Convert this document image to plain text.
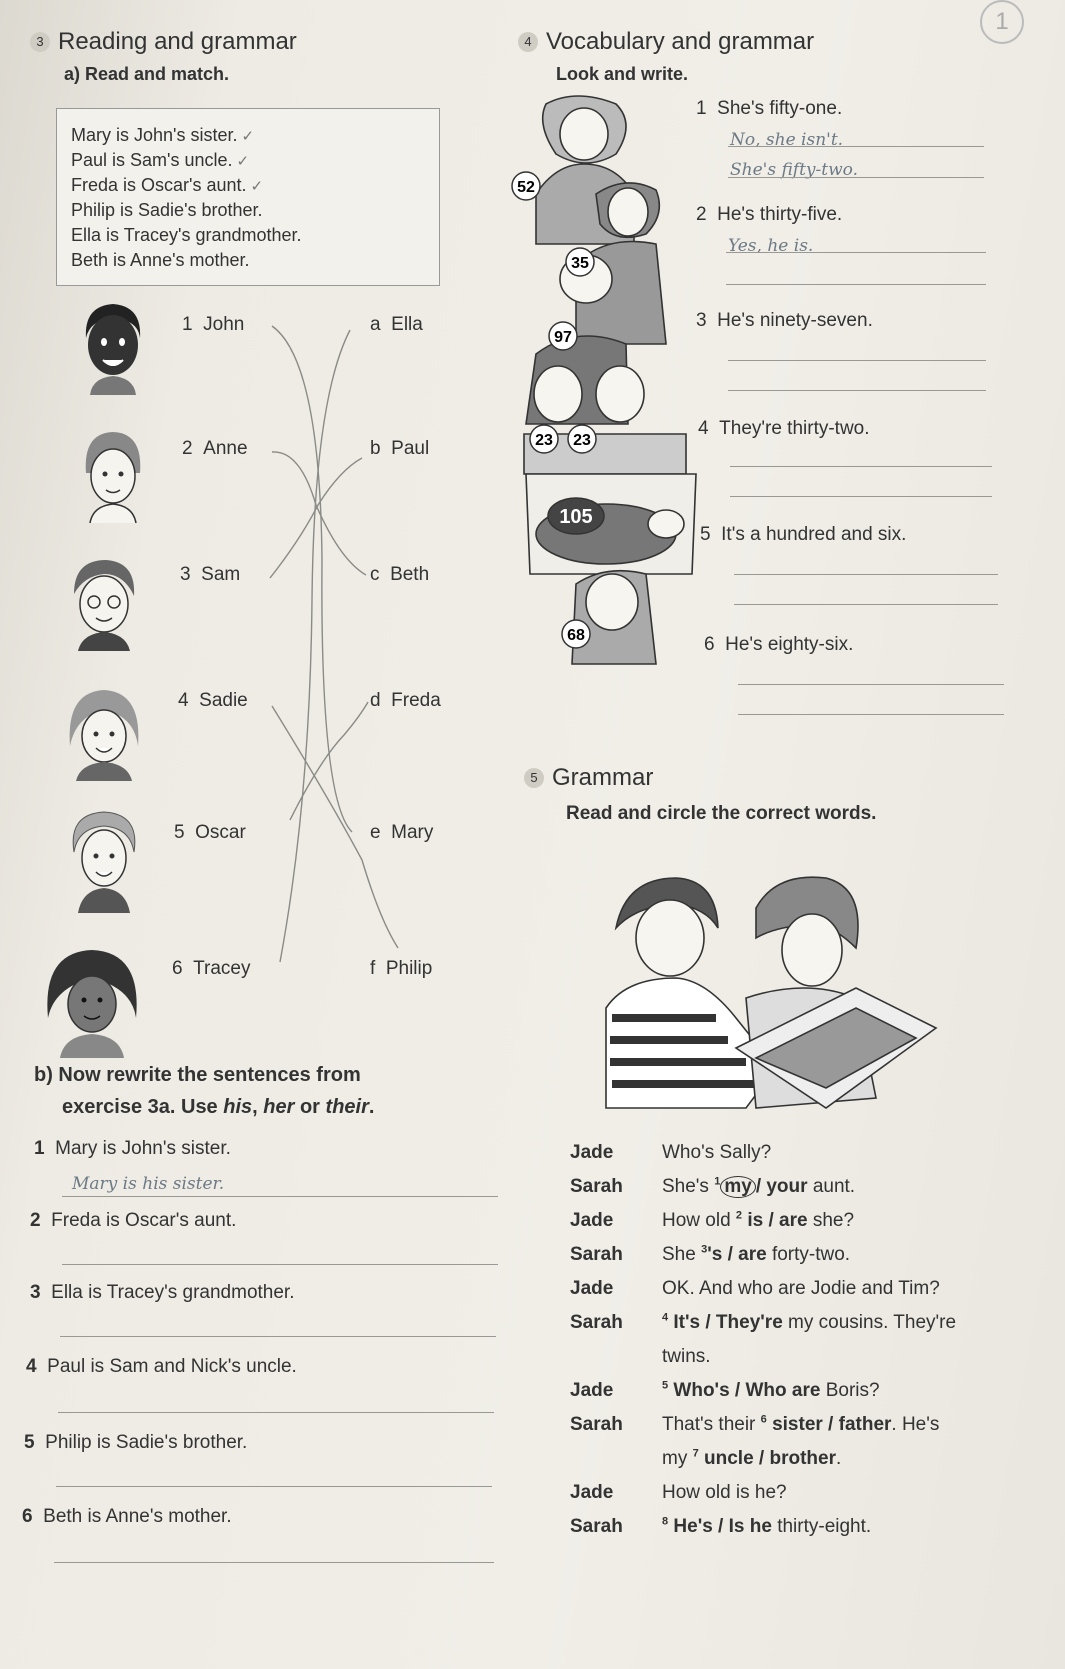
1
3 Reading and grammar
a) Read and match.
Mary is John's sister. ✓
Paul is Sam's uncle. ✓
Freda is Oscar's aunt. ✓
Philip is Sadie's brother.
Ella is Tracey's grandmother.
Beth is Anne's mother.
1 John
2 Anne
3 Sam
4 Sadie
5 Oscar
6 Tracey
a Ella
b Paul
c Beth
d Freda
e Mary
f Philip
b) Now rewrite the sentences from
exercise 3a. Use his, her or their.
1 Mary is John's sister.
Mary is his sister.
2 Freda is Oscar's aunt.
3 Ella is Tracey's grandmother.
4 Paul is Sam and Nick's uncle.
5 Philip is Sadie's brother.
6 Beth is Anne's mother.
4 Vocabulary and grammar
Look and write.
52
35
97
23 23
105
68
1 She's fifty-one.
No, she isn't.
She's fifty-two.
2 He's thirty-five.
Yes, he is.
3 He's ninety-seven.
4 They're thirty-two.
5 It's a hundred and six.
6 He's eighty-six.
5 Grammar
Read and circle the correct words.
Jade	Who's Sally?
Sarah She's $^1$ my / your aunt.
Jade	How old $^2$ is / are she?
Sarah She $^3$'s / are forty-two.
Jade	OK. And who are Jodie and Tim?
Sarah	$^4$ It's / They're my cousins. They're
twins.
Jade	$^5$ Who's / Who are Boris?
Sarah That's their $^6$ sister / father. He's
my $^7$ uncle / brother.
Jade	How old is he?
Sarah	$^8$ He's / Is he thirty-eight.
